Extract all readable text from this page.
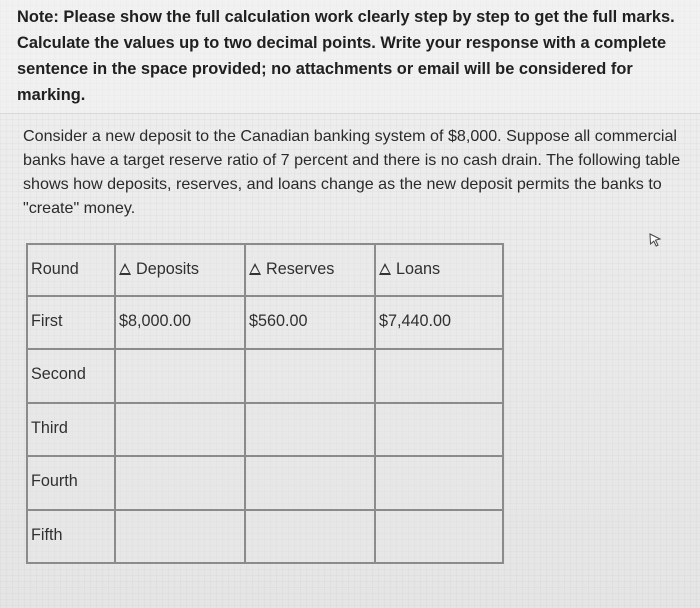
Note: Please show the full calculation work clearly step by step to get the full marks. Calculate the values up to two decimal points. Write your response with a complete sentence in the space provided; no attachments or email will be considered for marking.
Consider a new deposit to the Canadian banking system of $8,000. Suppose all commercial banks have a target reserve ratio of 7 percent and there is no cash drain. The following table shows how deposits, reserves, and loans change as the new deposit permits the banks to "create" money.
Round	Deposits	Reserves	Loans
First	$8,000.00	$560.00	$7,440.00
Second			
Third			
Fourth			
Fifth			
